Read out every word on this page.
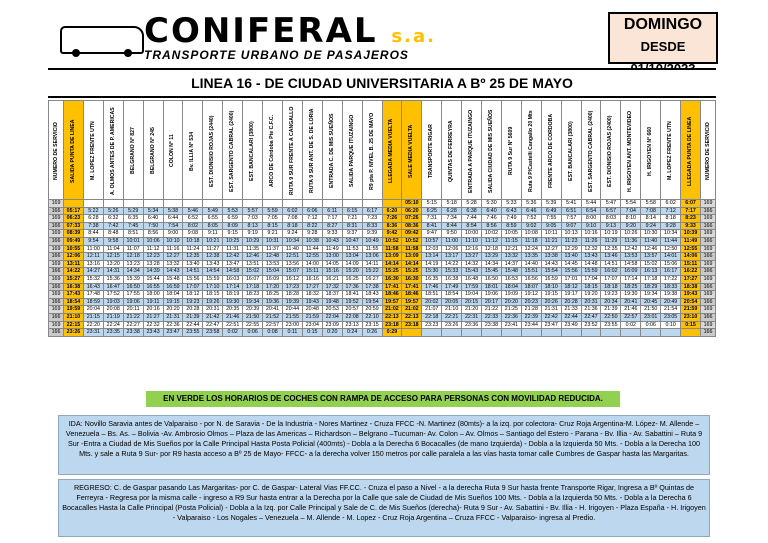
CONIFERAL s.a.
TRANSPORTE URBANO DE PASAJEROS
DOMINGO
DESDE
LINEA 16 - DE CIUDAD UNIVERSITARIA A Bº 25 DE MAYO
NUMERO DE SERVICIO	SALIDA PUNTA DE LINEA	M. LOPEZ FRENTE UTN	A. OLMOS ANTES DE P. AMERICAS	BELGRANO Nº 827	BELGRANO Nº 245	COLON Nº 11	Bv. ILLIA Nº 534	EST. DIONISIO ROJAS (2440)	EST. SARGENTO CABRAL (2400)	EST. BANCALARI (3800)	ARCO DE Córdoba Pte C.F.C.	RUTA 9 SUR FRENTE A CANGALLO	RUTA 9 SUR ANT. DE S. DE LORIA	ENTRADA C. DE MIS SUEÑOS	SALIDA PARQUE ITUZAINGO	R9 pta P. NIVEL B. 25 DE MAYO	LLEGADA MEDIA VUELTA	SALE MEDIA VUELTA	TRANSPORTE RIGAR	QUINTAS DE FERREYRA	ENTRADA A PARQUE ITUZAINGO	SALIDA CIUDAD DE MIS SUEÑOS	RUTA 9 Sur Nº 5609	Ruta 9 P/Castelli Cangallo 20 Mts	FRENTE ARCO DE CORDOBA	EST. BANCALARI (3800)	EST. SARGENTO CABRAL (2400)	EST. DIONISIO ROJAS (2400)	H. IRIGOYEN ANT. MONTEVIDEO	H. IRIGOYEN Nº 660	M. LOPEZ FRENTE UTN	LLEGADA PUNTA DE LINEA	NUMERO DE SERVICIO

169																		05:10	5:15	5:18	5:28	5:30	5:33	5:36	5:39	5:41	5:44	5:47	5:54	5:58	6:02	6:07	169
166	05:17	5:22	5:26	5:29	5:34	5:38	5:46	5:49	5:53	5:57	5:59	6:02	6:06	6:11	6:15	6:17	6:20	06:20	6:25	6:28	6:38	6:40	6:43	6:46	6:49	6:51	6:54	6:57	7:04	7:08	7:12	7:17	166
169	06:23	6:28	6:32	6:35	6:40	6:44	6:52	6:55	6:59	7:03	7:05	7:08	7:12	7:17	7:21	7:23	7:26	07:26	7:31	7:34	7:44	7:46	7:49	7:52	7:55	7:57	8:00	8:03	8:10	8:14	8:18	8:23	169
166	07:33	7:38	7:42	7:45	7:50	7:54	8:02	8:05	8:09	8:13	8:15	8:18	8:22	8:27	8:31	8:33	8:36	08:36	8:41	8:44	8:54	8:56	8:59	9:02	9:05	9:07	9:10	9:13	9:20	9:24	9:28	9:33	166
169	08:39	8:44	8:48	8:51	8:56	9:00	9:08	9:11	9:15	9:19	9:21	9:24	9:28	9:33	9:37	9:39	9:42	09:42	9:47	9:50	10:00	10:02	10:05	10:08	10:11	10:13	10:16	10:19	10:26	10:30	10:34	10:39	169
166	09:49	9:54	9:58	10:01	10:06	10:10	10:18	10:21	10:25	10:29	10:31	10:34	10:38	10:43	10:47	10:49	10:52	10:52	10:57	11:00	11:10	11:12	11:15	11:18	11:21	11:23	11:26	11:29	11:36	11:40	11:44	11:49	166
169	10:55	11:00	11:04	11:07	11:12	11:16	11:24	11:27	11:31	11:35	11:37	11:40	11:44	11:49	11:53	11:55	11:58	11:58	12:03	12:06	12:16	12:18	12:21	12:24	12:27	12:29	12:32	12:35	12:42	12:46	12:50	12:55	169
166	12:06	12:11	12:15	12:18	12:23	12:27	12:35	12:38	12:42	12:46	12:48	12:51	12:55	13:00	13:04	13:06	13:09	13:09	13:14	13:17	13:27	13:29	13:32	13:35	13:38	13:40	13:43	13:46	13:53	13:57	14:01	14:06	166
169	13:11	13:16	13:20	13:23	13:28	13:32	13:40	13:43	13:47	13:51	13:53	13:56	14:00	14:05	14:09	14:11	14:14	14:14	14:19	14:22	14:32	14:34	14:37	14:40	14:43	14:45	14:48	14:51	14:58	15:02	15:06	15:11	169
166	14:22	14:27	14:31	14:34	14:39	14:43	14:51	14:54	14:58	15:02	15:04	15:07	15:11	15:16	15:20	15:22	15:25	15:25	15:30	15:33	15:43	15:45	15:48	15:51	15:54	15:56	15:59	16:02	16:09	16:13	16:17	16:22	166
169	15:27	15:32	15:36	15:39	15:44	15:48	15:56	15:59	16:03	16:07	16:09	16:12	16:16	16:21	16:25	16:27	16:30	16:30	16:35	16:38	16:48	16:50	16:53	16:56	16:59	17:01	17:04	17:07	17:14	17:18	17:22	17:27	169
166	16:38	16:43	16:47	16:50	16:55	16:59	17:07	17:10	17:14	17:18	17:20	17:23	17:27	17:32	17:36	17:38	17:41	17:41	17:46	17:49	17:59	18:01	18:04	18:07	18:10	18:12	18:15	18:18	18:25	18:29	18:33	18:38	166
169	17:43	17:48	17:52	17:55	18:00	18:04	18:12	18:15	18:19	18:23	18:25	18:28	18:32	18:37	18:41	18:43	18:46	18:46	18:51	18:54	19:04	19:06	19:09	19:12	19:15	19:17	19:20	19:23	19:30	19:34	19:38	19:43	169
166	18:54	18:59	19:03	19:06	19:11	19:15	19:23	19:26	19:30	19:34	19:36	19:39	19:43	19:48	19:52	19:54	19:57	19:57	20:02	20:05	20:15	20:17	20:20	20:23	20:26	20:28	20:31	20:34	20:41	20:45	20:49	20:54	166
169	19:59	20:04	20:08	20:11	20:16	20:20	20:28	20:31	20:35	20:39	20:41	20:44	20:48	20:53	20:57	20:59	21:02	21:02	21:07	21:10	21:20	21:22	21:25	21:28	21:31	21:33	21:36	21:39	21:46	21:50	21:54	21:59	169
166	21:10	21:15	21:19	21:22	21:27	21:31	21:39	21:42	21:46	21:50	21:52	21:55	21:59	22:04	22:08	22:10	22:13	22:13	22:18	22:21	22:31	22:33	22:36	22:39	22:42	22:44	22:47	22:50	22:57	23:01	23:05	23:10	166
169	22:15	22:20	22:24	22:27	22:32	22:36	22:44	22:47	22:51	22:55	22:57	23:00	23:04	23:09	23:13	23:15	23:18	23:18	23:23	23:26	23:36	23:38	23:41	23:44	23:47	23:49	23:52	23:55	0:02	0:06	0:10	0:15	169
166	23:26	23:31	23:35	23:38	23:43	23:47	23:55	23:58	0:02	0:06	0:08	0:11	0:15	0:20	0:24	0:26	0:29																166
EN VERDE LOS HORARIOS DE COCHES CON RAMPA DE ACCESO PARA PERSONAS CON MOVILIDAD REDUCIDA.
IDA: Novillo Saravia antes de Valparaiso - por N. de Saravia - De la Industria - Nores Martinez - Cruza FFCC -N. Martinez (80mts)- a la izq. por colectora- Cruz Roja Argentina-M. López- M. Allende – Venezuela – Bs. As. – Bolivia -Av. Ambrosio Olmos – Plaza de las Americas – Richardson – Belgrano –Tucuman- Av. Colon – Av. Olmos – Santiago del Estero - Parana - Bv. Illia - Av. Sabattini – Ruta 9 Sur -Entra a Ciudad de Mis Sueños por la Calle Principal Hasta Posta Policial (400mts) - Dobla a la Derecha 6 Bocacalles (de mano Izquierda) - Dobla a la Izquierda 50 Mts. - Dobla a la Derecha 100 Mts. y sale a Ruta 9 Sur- por R9 hasta acceso a Bº 25 de Mayo- FFCC- a la derecha volver 150 metros por calle paralela a las vías hasta tomar calle Cumbres de Gaspar hasta las Margaritas.
REGRESO: C. de Gaspar pasando Las Margaritas- por C. de Gaspar- Lateral Vias FF.CC. - Cruza el paso a Nivel - a la derecha Ruta 9 Sur hasta frente Transporte Rigar, Ingresa a Bº Quintas de Ferreyra - Regresa por la misma calle - ingreso a R9 Sur hasta entrar a la Derecha por la Calle que sale de Ciudad de Mis Sueños 100 Mts. - Dobla a la Izquierda 50 Mts. - Dobla a la Derecha 6 Bocacalles Hasta la Calle Principal (Posta Policial) - Dobla a la Izq. por Calle Principal y Sale de C. de Mis Sueños (derecha)- Ruta 9 Sur - Av. Sabattini - Bv. Illia - H. Irigoyen - Plaza España - H. Irigoyen - Valparaiso - Los Nogales – Venezuela – M. Allende - M. Lopez - Cruz Roja Argentina – Cruza FFCC - Valparaiso- ingresa al Predio.
